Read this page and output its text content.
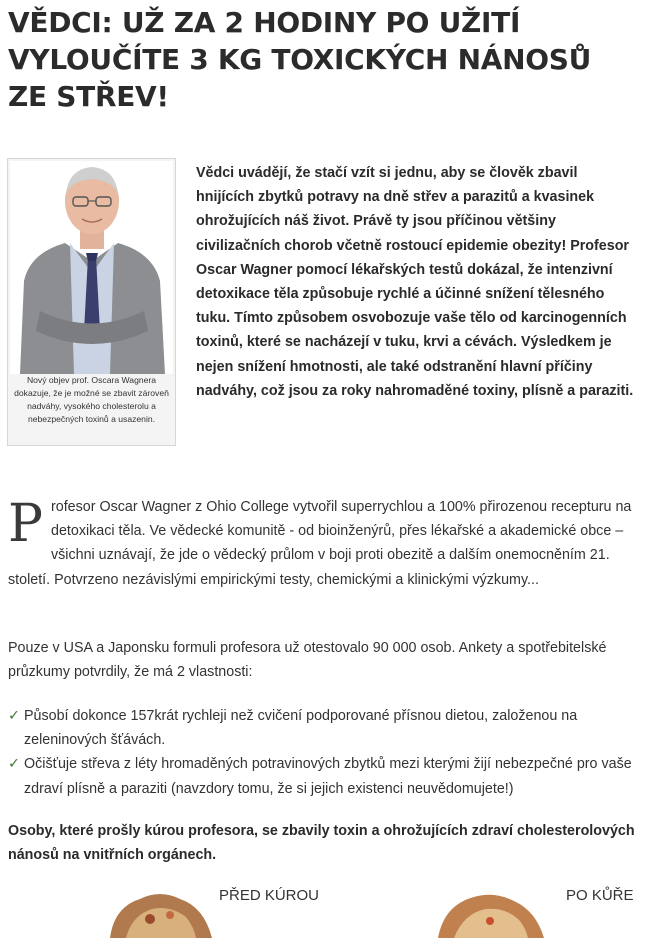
VĚDCI: UŽ ZA 2 HODINY PO UŽITÍ VYLOUČÍTE 3 KG TOXICKÝCH NÁNOSŮ ZE STŘEV!
Nový objev prof. Oscara Wagnera dokazuje, že je možné se zbavit zároveň nadváhy, vysokého cholesterolu a nebezpečných toxinů a usazenin.
Vědci uvádějí, že stačí vzít si jednu, aby se člověk zbavil hnijících zbytků potravy na dně střev a parazitů a kvasinek ohrožujících náš život. Právě ty jsou příčinou většiny civilizačních chorob včetně rostoucí epidemie obezity! Profesor Oscar Wagner pomocí lékařských testů dokázal, že intenzivní detoxikace těla způsobuje rychlé a účinné snížení tělesného tuku. Tímto způsobem osvobozuje vaše tělo od karcinogenních toxinů, které se nacházejí v tuku, krvi a cévách. Výsledkem je nejen snížení hmotnosti, ale také odstranění hlavní příčiny nadváhy, což jsou za roky nahromaděné toxiny, plísně a paraziti.
Profesor Oscar Wagner z Ohio College vytvořil superrychlou a 100% přirozenou recepturu na detoxikaci těla. Ve vědecké komunitě - od bioinženýrů, přes lékařské a akademické obce – všichni uznávají, že jde o vědecký průlom v boji proti obezitě a dalším onemocněním 21. století. Potvrzeno nezávislými empirickými testy, chemickými a klinickými výzkumy...
Pouze v USA a Japonsku formuli profesora už otestovalo 90 000 osob. Ankety a spotřebitelské průzkumy potvrdily, že má 2 vlastnosti:
✓ Působí dokonce 157krát rychleji než cvičení podporované přísnou dietou, založenou na zeleninových šťávách.
✓ Očišťuje střeva z léty hromaděných potravinových zbytků mezi kterými žijí nebezpečné pro vaše zdraví plísně a paraziti (navzdory tomu, že si jejich existenci neuvědomujete!)
Osoby, které prošly kúrou profesora, se zbavily toxin a ohrožujících zdraví cholesterolových nánosů na vnitřních orgánech.
PŘED KÚROU	PO KŮŘE
